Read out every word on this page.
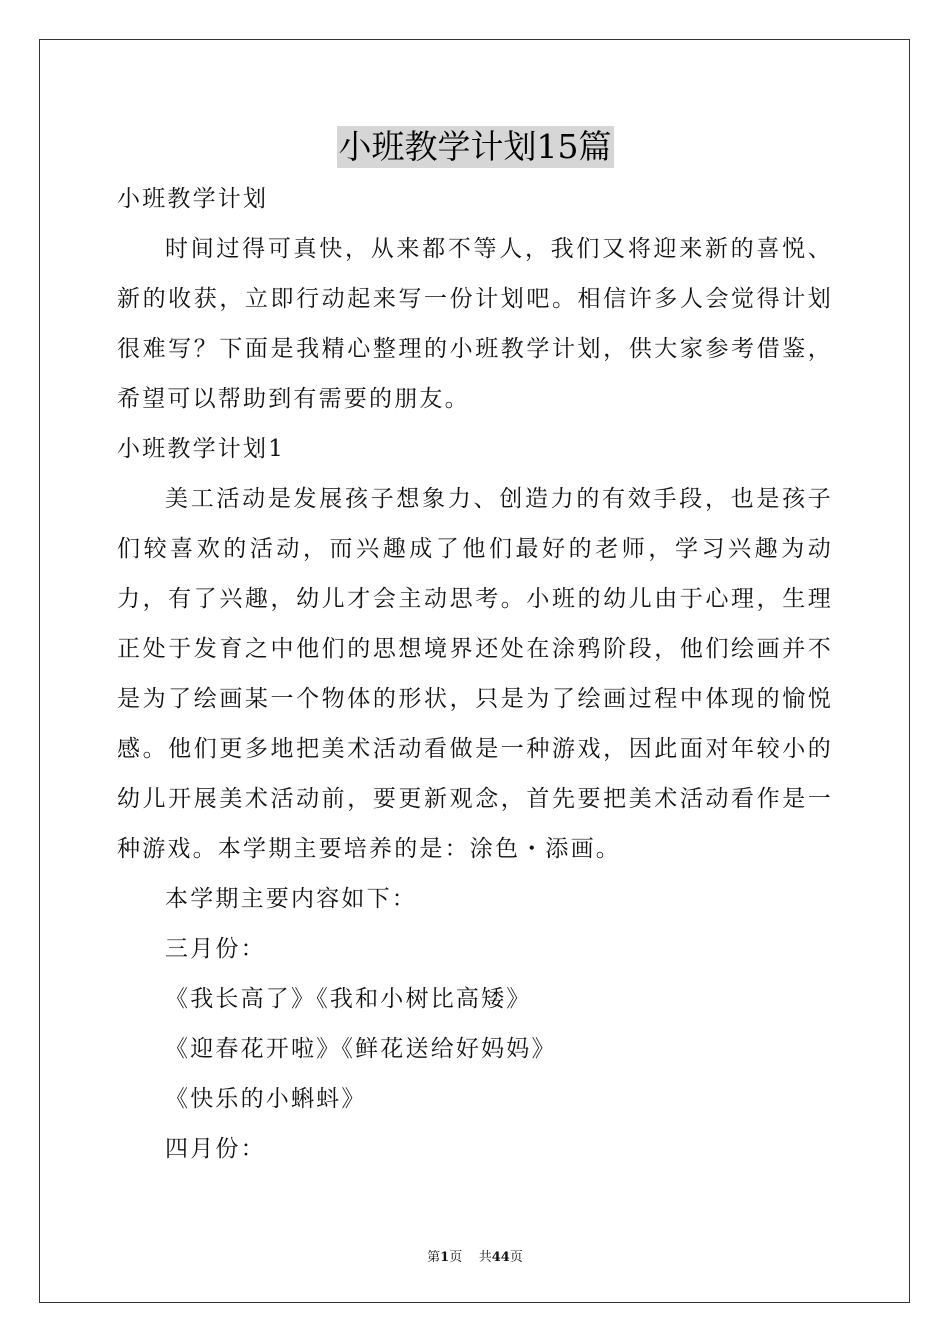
小班教学计划15篇
小班教学计划

时间过得可真快，从来都不等人，我们又将迎来新的喜悦、新的收获，立即行动起来写一份计划吧。相信许多人会觉得计划很难写？下面是我精心整理的小班教学计划，供大家参考借鉴，希望可以帮助到有需要的朋友。

小班教学计划1

美工活动是发展孩子想象力、创造力的有效手段，也是孩子们较喜欢的活动，而兴趣成了他们最好的老师，学习兴趣为动力，有了兴趣，幼儿才会主动思考。小班的幼儿由于心理，生理正处于发育之中他们的思想境界还处在涂鸦阶段，他们绘画并不是为了绘画某一个物体的形状，只是为了绘画过程中体现的愉悦感。他们更多地把美术活动看做是一种游戏，因此面对年较小的幼儿开展美术活动前，要更新观念，首先要把美术活动看作是一种游戏。本学期主要培养的是：涂色・添画。

本学期主要内容如下：
三月份：
《我长高了》《我和小树比高矮》
《迎春花开啦》《鲜花送给好妈妈》
《快乐的小蝌蚪》
四月份：
第1页 共44页
